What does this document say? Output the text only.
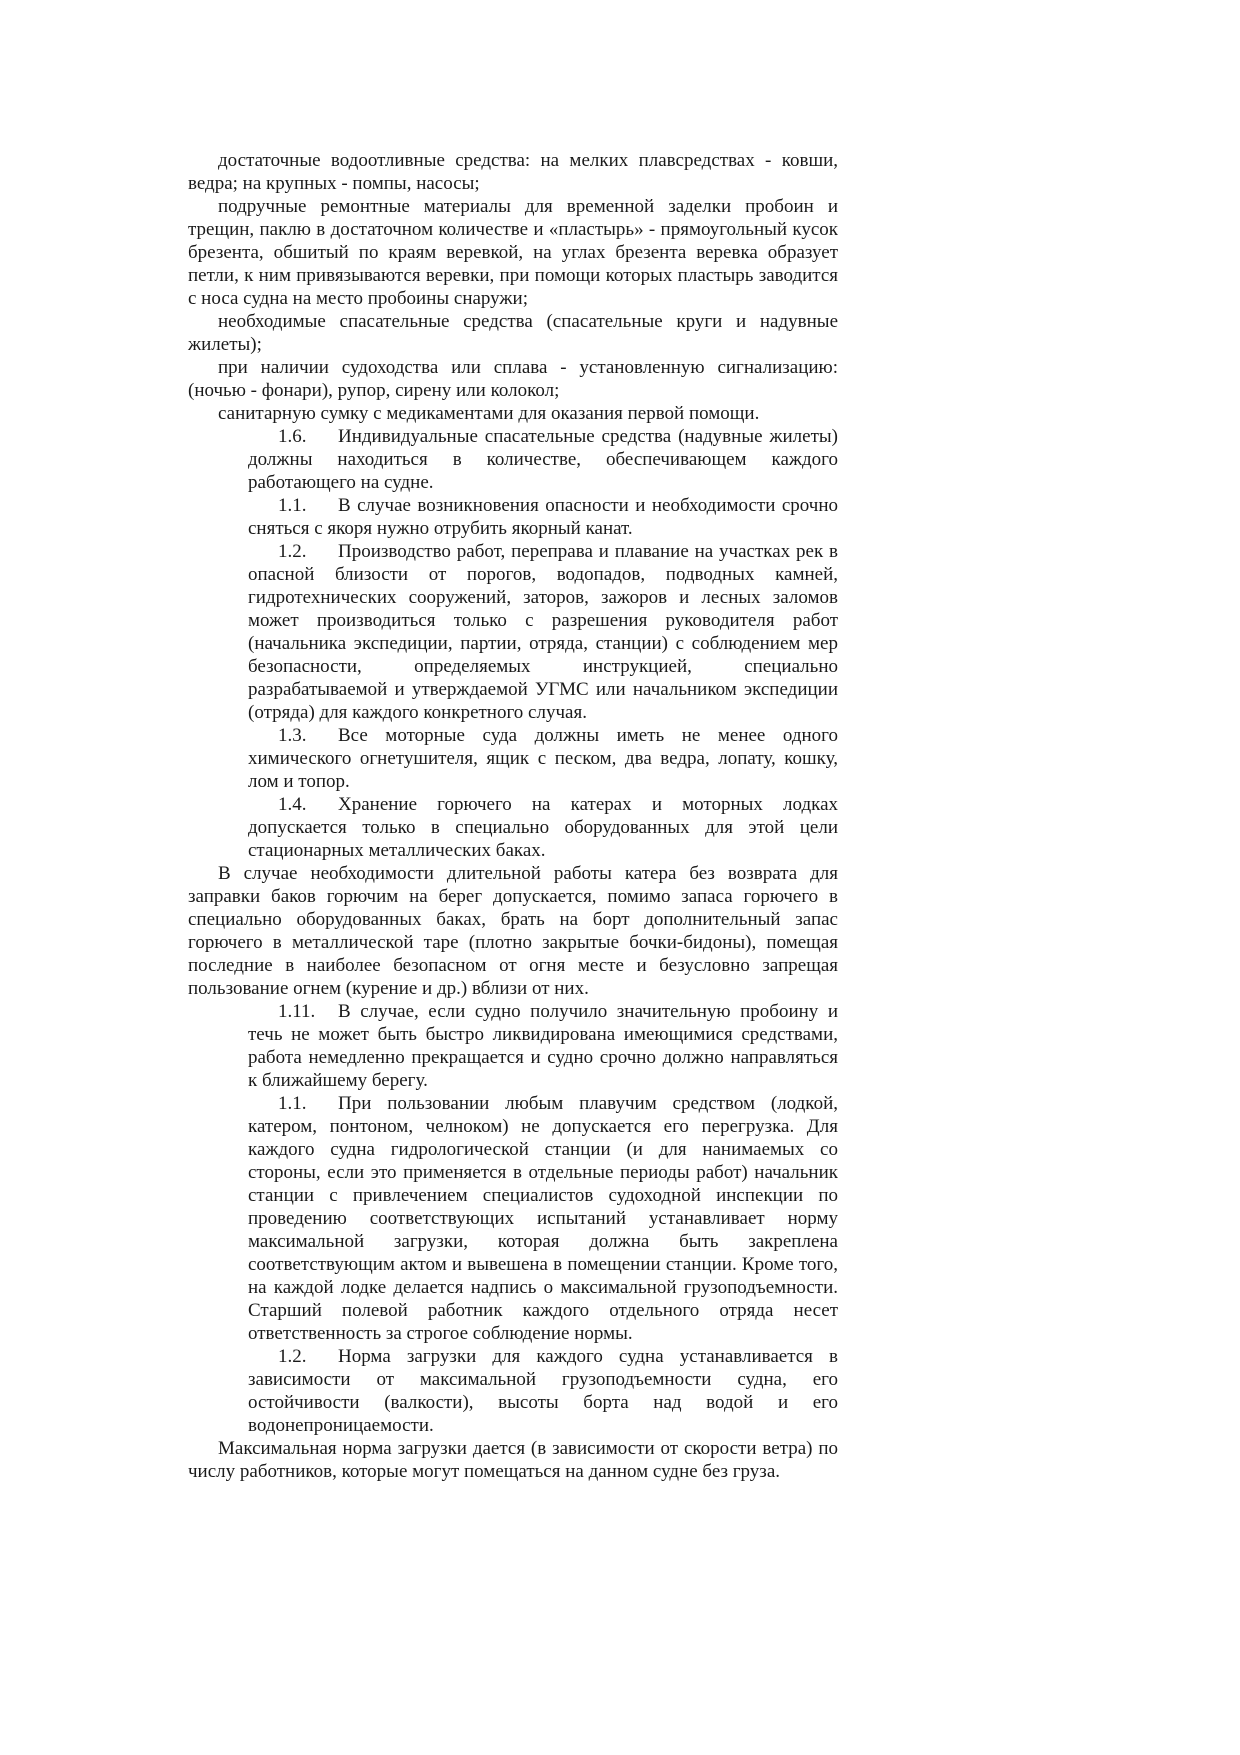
достаточные водоотливные средства: на мелких плавсредствах - ковши, ведра; на крупных - помпы, насосы;

подручные ремонтные материалы для временной заделки пробоин и трещин, паклю в достаточном количестве и «пластырь» - прямоугольный кусок брезента, обшитый по краям веревкой, на углах брезента веревка образует петли, к ним привязываются веревки, при помощи которых пластырь заводится с носа судна на место пробоины снаружи;

необходимые спасательные средства (спасательные круги и надувные жилеты);

при наличии судоходства или сплава - установленную сигнализацию: (ночью - фонари), рупор, сирену или колокол;

санитарную сумку с медикаментами для оказания первой помощи.

1.6. Индивидуальные спасательные средства (надувные жилеты) должны находиться в количестве, обеспечивающем каждого работающего на судне.

1.1. В случае возникновения опасности и необходимости срочно сняться с якоря нужно отрубить якорный канат.

1.2. Производство работ, переправа и плавание на участках рек в опасной близости от порогов, водопадов, подводных камней, гидротехнических сооружений, заторов, зажоров и лесных заломов может производиться только с разрешения руководителя работ (начальника экспедиции, партии, отряда, станции) с соблюдением мер безопасности, определяемых инструкцией, специально разрабатываемой и утверждаемой УГМС или начальником экспедиции (отряда) для каждого конкретного случая.

1.3. Все моторные суда должны иметь не менее одного химического огнетушителя, ящик с песком, два ведра, лопату, кошку, лом и топор.

1.4. Хранение горючего на катерах и моторных лодках допускается только в специально оборудованных для этой цели стационарных металлических баках.

В случае необходимости длительной работы катера без возврата для заправки баков горючим на берег допускается, помимо запаса горючего в специально оборудованных баках, брать на борт дополнительный запас горючего в металлической таре (плотно закрытые бочки-бидоны), помещая последние в наиболее безопасном от огня месте и безусловно запрещая пользование огнем (курение и др.) вблизи от них.

1.11. В случае, если судно получило значительную пробоину и течь не может быть быстро ликвидирована имеющимися средствами, работа немедленно прекращается и судно срочно должно направляться к ближайшему берегу.

1.1. При пользовании любым плавучим средством (лодкой, катером, понтоном, челноком) не допускается его перегрузка. Для каждого судна гидрологической станции (и для нанимаемых со стороны, если это применяется в отдельные периоды работ) начальник станции с привлечением специалистов судоходной инспекции по проведению соответствующих испытаний устанавливает норму максимальной загрузки, которая должна быть закреплена соответствующим актом и вывешена в помещении станции. Кроме того, на каждой лодке делается надпись о максимальной грузоподъемности. Старший полевой работник каждого отдельного отряда несет ответственность за строгое соблюдение нормы.

1.2. Норма загрузки для каждого судна устанавливается в зависимости от максимальной грузоподъемности судна, его остойчивости (валкости), высоты борта над водой и его водонепроницаемости.

Максимальная норма загрузки дается (в зависимости от скорости ветра) по числу работников, которые могут помещаться на данном судне без груза.
